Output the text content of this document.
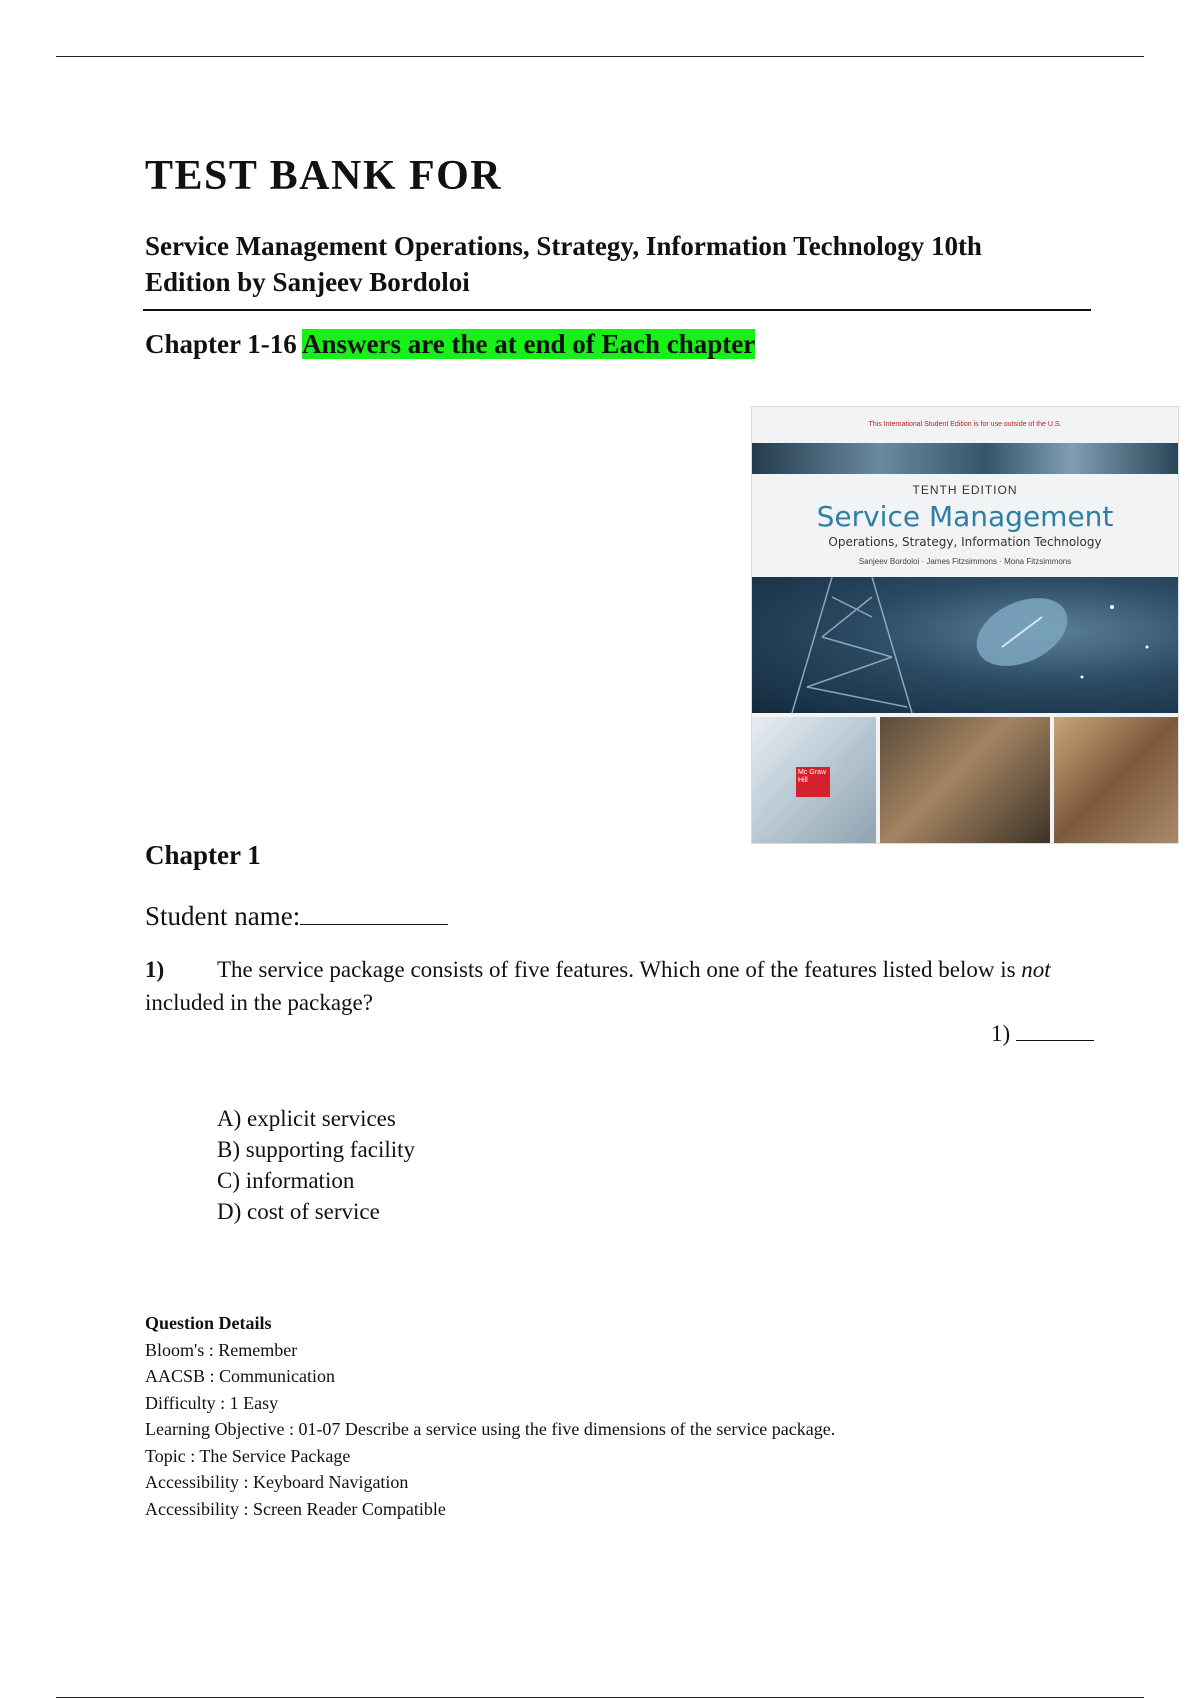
TEST BANK FOR

Service Management Operations, Strategy, Information Technology 10th Edition by Sanjeev Bordoloi

Chapter 1-16 Answers are the at end of Each chapter

This International Student Edition is for use outside of the U.S.
TENTH EDITION
Service Management
Operations, Strategy, Information Technology
Sanjeev Bordoloi · James Fitzsimmons · Mona Fitzsimmons
Mc Graw Hill
Chapter 1
Student name:

1) The service package consists of five features. Which one of the features listed below is not included in the package?

1)
A) explicit services
B) supporting facility
C) information
D) cost of service
Question Details
Bloom's : Remember
AACSB : Communication
Difficulty : 1 Easy
Learning Objective : 01-07 Describe a service using the five dimensions of the service package.
Topic : The Service Package
Accessibility : Keyboard Navigation
Accessibility : Screen Reader Compatible
